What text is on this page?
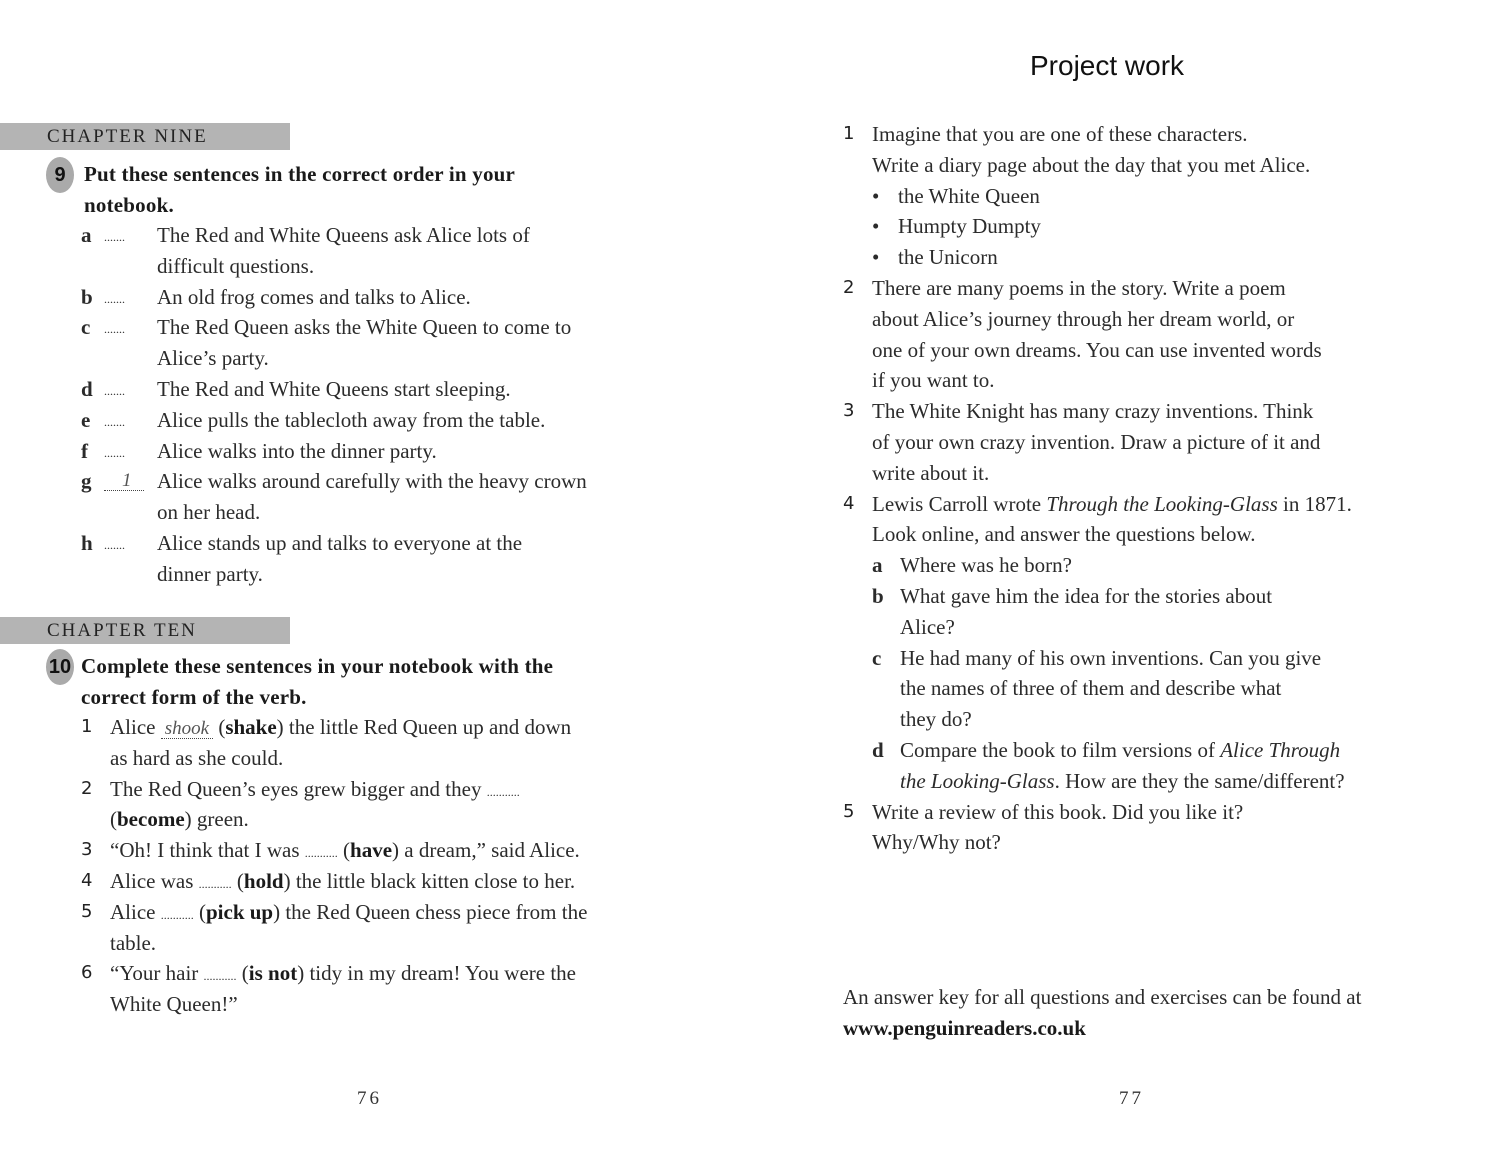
CHAPTER NINE
9 Put these sentences in the correct order in your
notebook.
a ....... The Red and White Queens ask Alice lots of
difficult questions.
b ....... An old frog comes and talks to Alice.
c ....... The Red Queen asks the White Queen to come to
Alice’s party.
d ....... The Red and White Queens start sleeping.
e ....... Alice pulls the tablecloth away from the table.
f ....... Alice walks into the dinner party.
g	1	Alice walks around carefully with the heavy crown
on her head.
h ....... Alice stands up and talks to everyone at the
dinner party.
CHAPTER TEN
10 Complete these sentences in your notebook with the
correct form of the verb.
1 Alice shook (shake) the little Red Queen up and down
as hard as she could.
2 The Red Queen’s eyes grew bigger and they ...........
(become) green.
3 “Oh! I think that I was ........... (have) a dream,” said Alice.
4 Alice was ........... (hold) the little black kitten close to her.
5 Alice ........... (pick up) the Red Queen chess piece from the
table.
6 “Your hair ........... (is not) tidy in my dream! You were the
White Queen!”
76
Project work
1 Imagine that you are one of these characters.
Write a diary page about the day that you met Alice.
• the White Queen
• Humpty Dumpty
• the Unicorn
2 There are many poems in the story. Write a poem
about Alice’s journey through her dream world, or
one of your own dreams. You can use invented words
if you want to.
3 The White Knight has many crazy inventions. Think
of your own crazy invention. Draw a picture of it and
write about it.
4 Lewis Carroll wrote Through the Looking-Glass in 1871.
Look online, and answer the questions below.
a Where was he born?
b What gave him the idea for the stories about
Alice?
c He had many of his own inventions. Can you give
the names of three of them and describe what
they do?
d Compare the book to film versions of Alice Through
the Looking-Glass. How are they the same/different?
5 Write a review of this book. Did you like it?
Why/Why not?
An answer key for all questions and exercises can be found at
www.penguinreaders.co.uk
77
